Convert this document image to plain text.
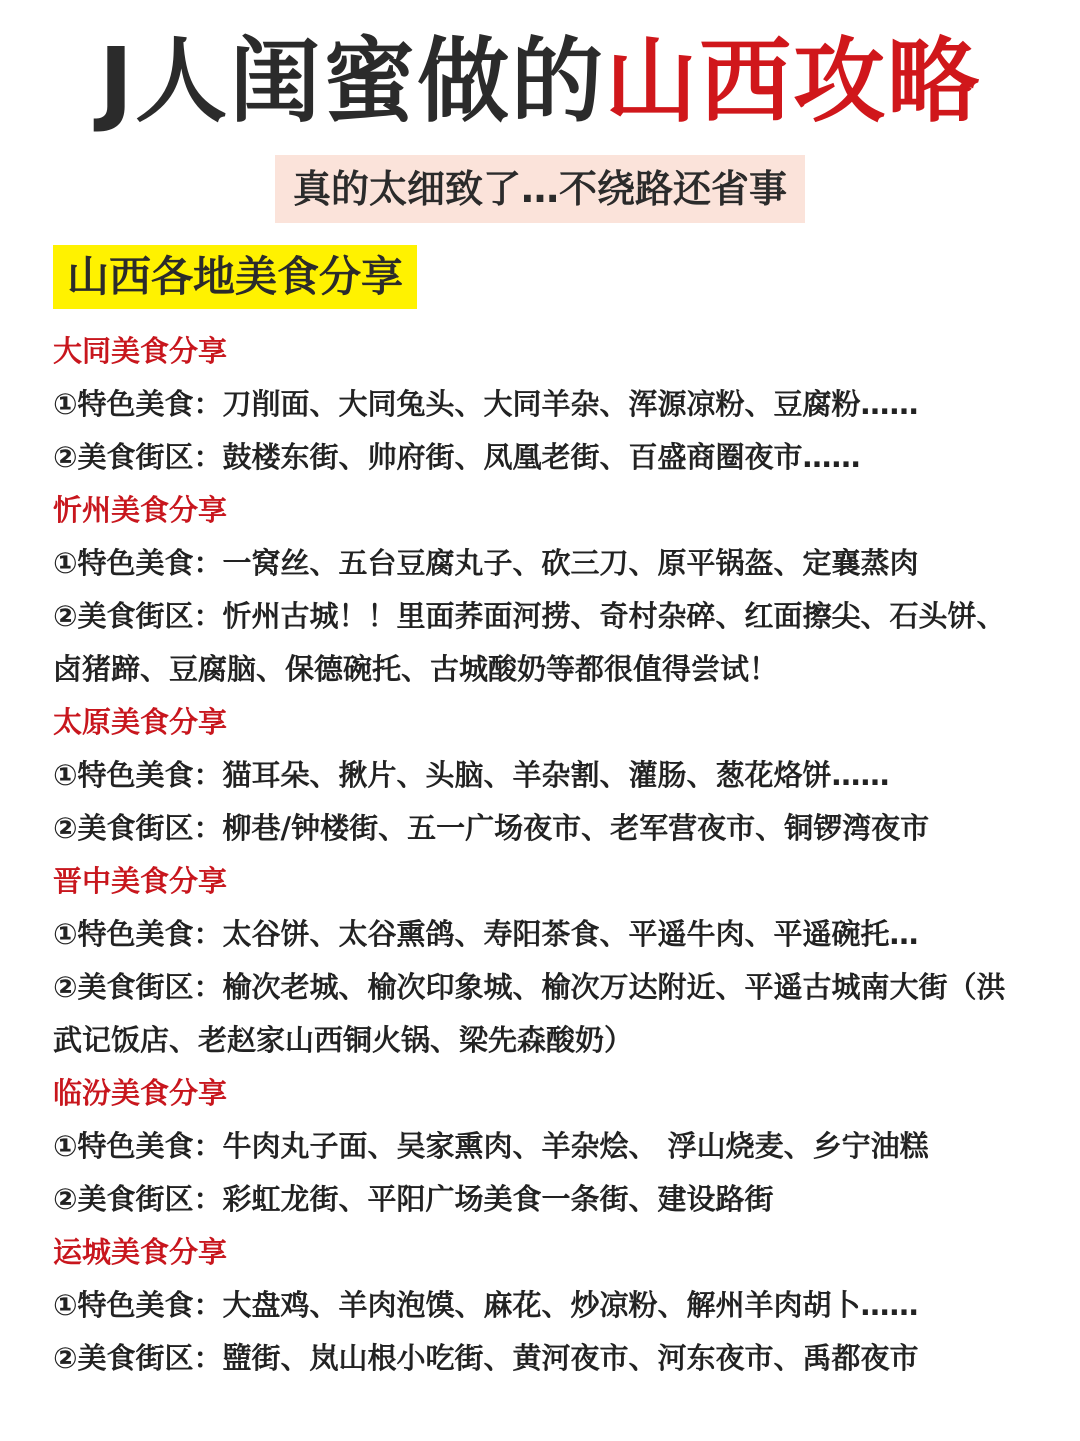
J人闺蜜做的山西攻略
真的太细致了…不绕路还省事
山西各地美食分享
大同美食分享
①特色美食：刀削面、大同兔头、大同羊杂、浑源凉粉、豆腐粉……
②美食街区：鼓楼东街、帅府街、凤凰老街、百盛商圈夜市……
忻州美食分享
①特色美食：一窝丝、五台豆腐丸子、砍三刀、原平锅盔、定襄蒸肉
②美食街区：忻州古城！！里面荞面河捞、奇村杂碎、红面擦尖、石头饼、卤猪蹄、豆腐脑、保德碗托、古城酸奶等都很值得尝试！
太原美食分享
①特色美食：猫耳朵、揪片、头脑、羊杂割、灌肠、葱花烙饼……
②美食街区：柳巷/钟楼街、五一广场夜市、老军营夜市、铜锣湾夜市
晋中美食分享
①特色美食：太谷饼、太谷熏鸽、寿阳茶食、平遥牛肉、平遥碗托…
②美食街区：榆次老城、榆次印象城、榆次万达附近、平遥古城南大街（洪武记饭店、老赵家山西铜火锅、梁先森酸奶）
临汾美食分享
①特色美食：牛肉丸子面、吴家熏肉、羊杂烩、 浮山烧麦、乡宁油糕
②美食街区：彩虹龙街、平阳广场美食一条街、建设路街
运城美食分享
①特色美食：大盘鸡、羊肉泡馍、麻花、炒凉粉、解州羊肉胡卜……
②美食街区：盬街、岚山根小吃街、黄河夜市、河东夜市、禹都夜市
